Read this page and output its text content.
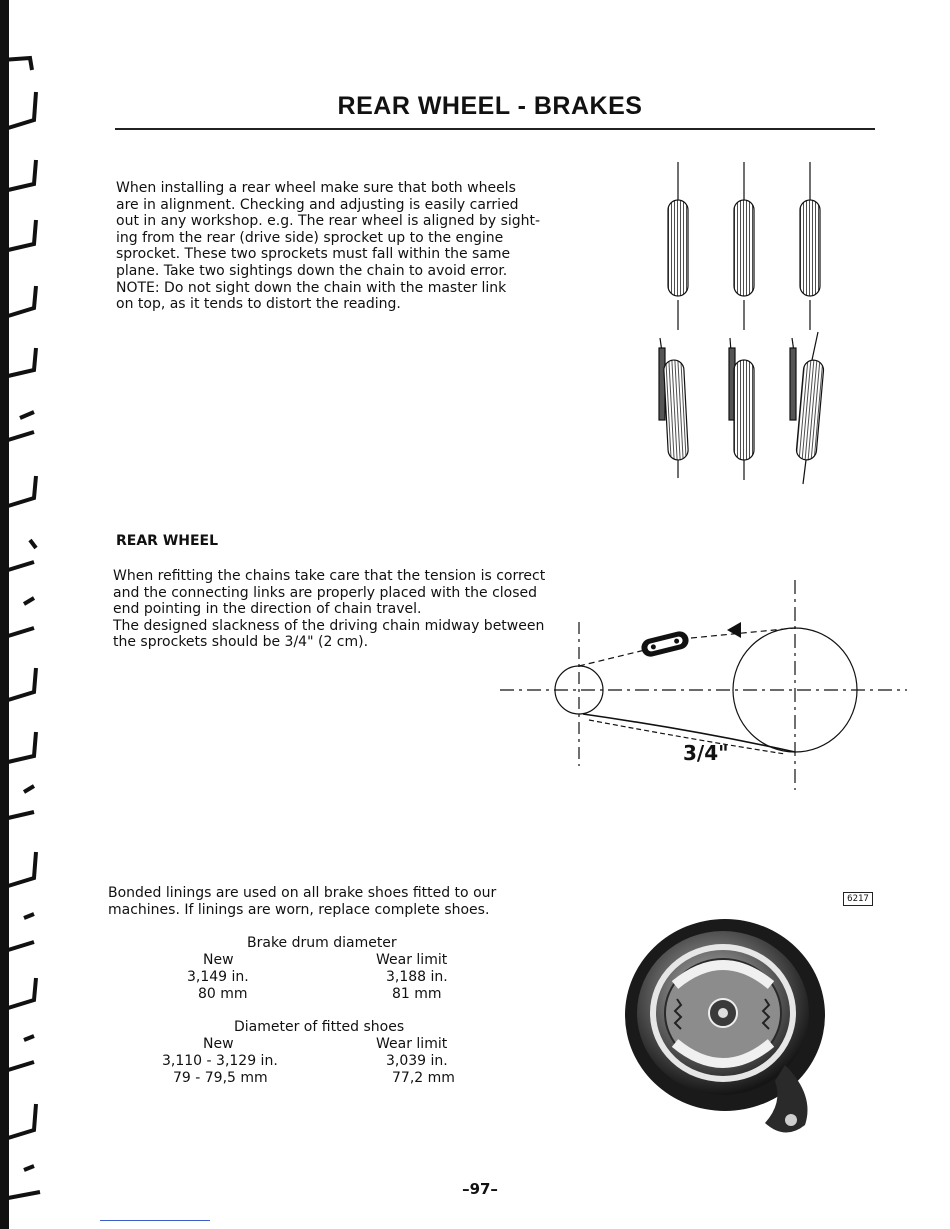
REAR WHEEL - BRAKES

When installing a rear wheel make sure that both wheels
are in alignment. Checking and adjusting is easily carried
out in any workshop. e.g. The rear wheel is aligned by sight-
ing from the rear (drive side) sprocket up to the engine
sprocket. These two sprockets must fall within the same
plane. Take two sightings down the chain to avoid error.
NOTE: Do not sight down the chain with the master link
on top, as it tends to distort the reading.

REAR WHEEL

When refitting the chains take care that the tension is correct
and the connecting links are properly placed with the closed
end pointing in the direction of chain travel.
The designed slackness of the driving chain midway between
the sprockets should be 3/4" (2 cm).

3/4"

Bonded linings are used on all brake shoes fitted to our
machines. If linings are worn, replace complete shoes.

Brake drum diameter
New	Wear limit
3,149 in.	3,188 in.
80 mm	81 mm
Diameter of fitted shoes
New	Wear limit
3,110 - 3,129 in.	3,039 in.
79 - 79,5 mm	77,2 mm
6217
–97–
